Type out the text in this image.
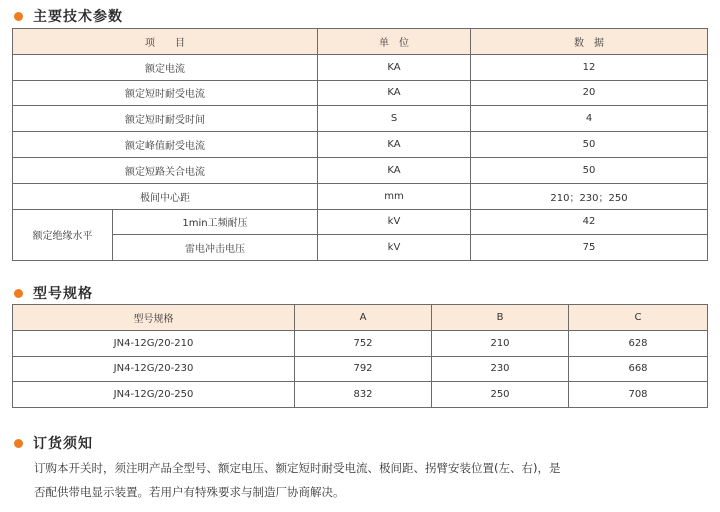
主要技术参数
项　　目		单　位	数　据
额定电流		KA	12
额定短时耐受电流		KA	20
额定短时耐受时间		S	4
额定峰值耐受电流		KA	50
额定短路关合电流		KA	50
极间中心距		mm	210；230；250
额定绝缘水平	1min工频耐压	kV	42
	雷电冲击电压	kV	75
型号规格
型号规格	A	B	C
JN4-12G/20-210	752	210	628
JN4-12G/20-230	792	230	668
JN4-12G/20-250	832	250	708
订货须知
订购本开关时，须注明产品全型号、额定电压、额定短时耐受电流、极间距、拐臂安装位置(左、右)，是
否配供带电显示装置。若用户有特殊要求与制造厂协商解决。
